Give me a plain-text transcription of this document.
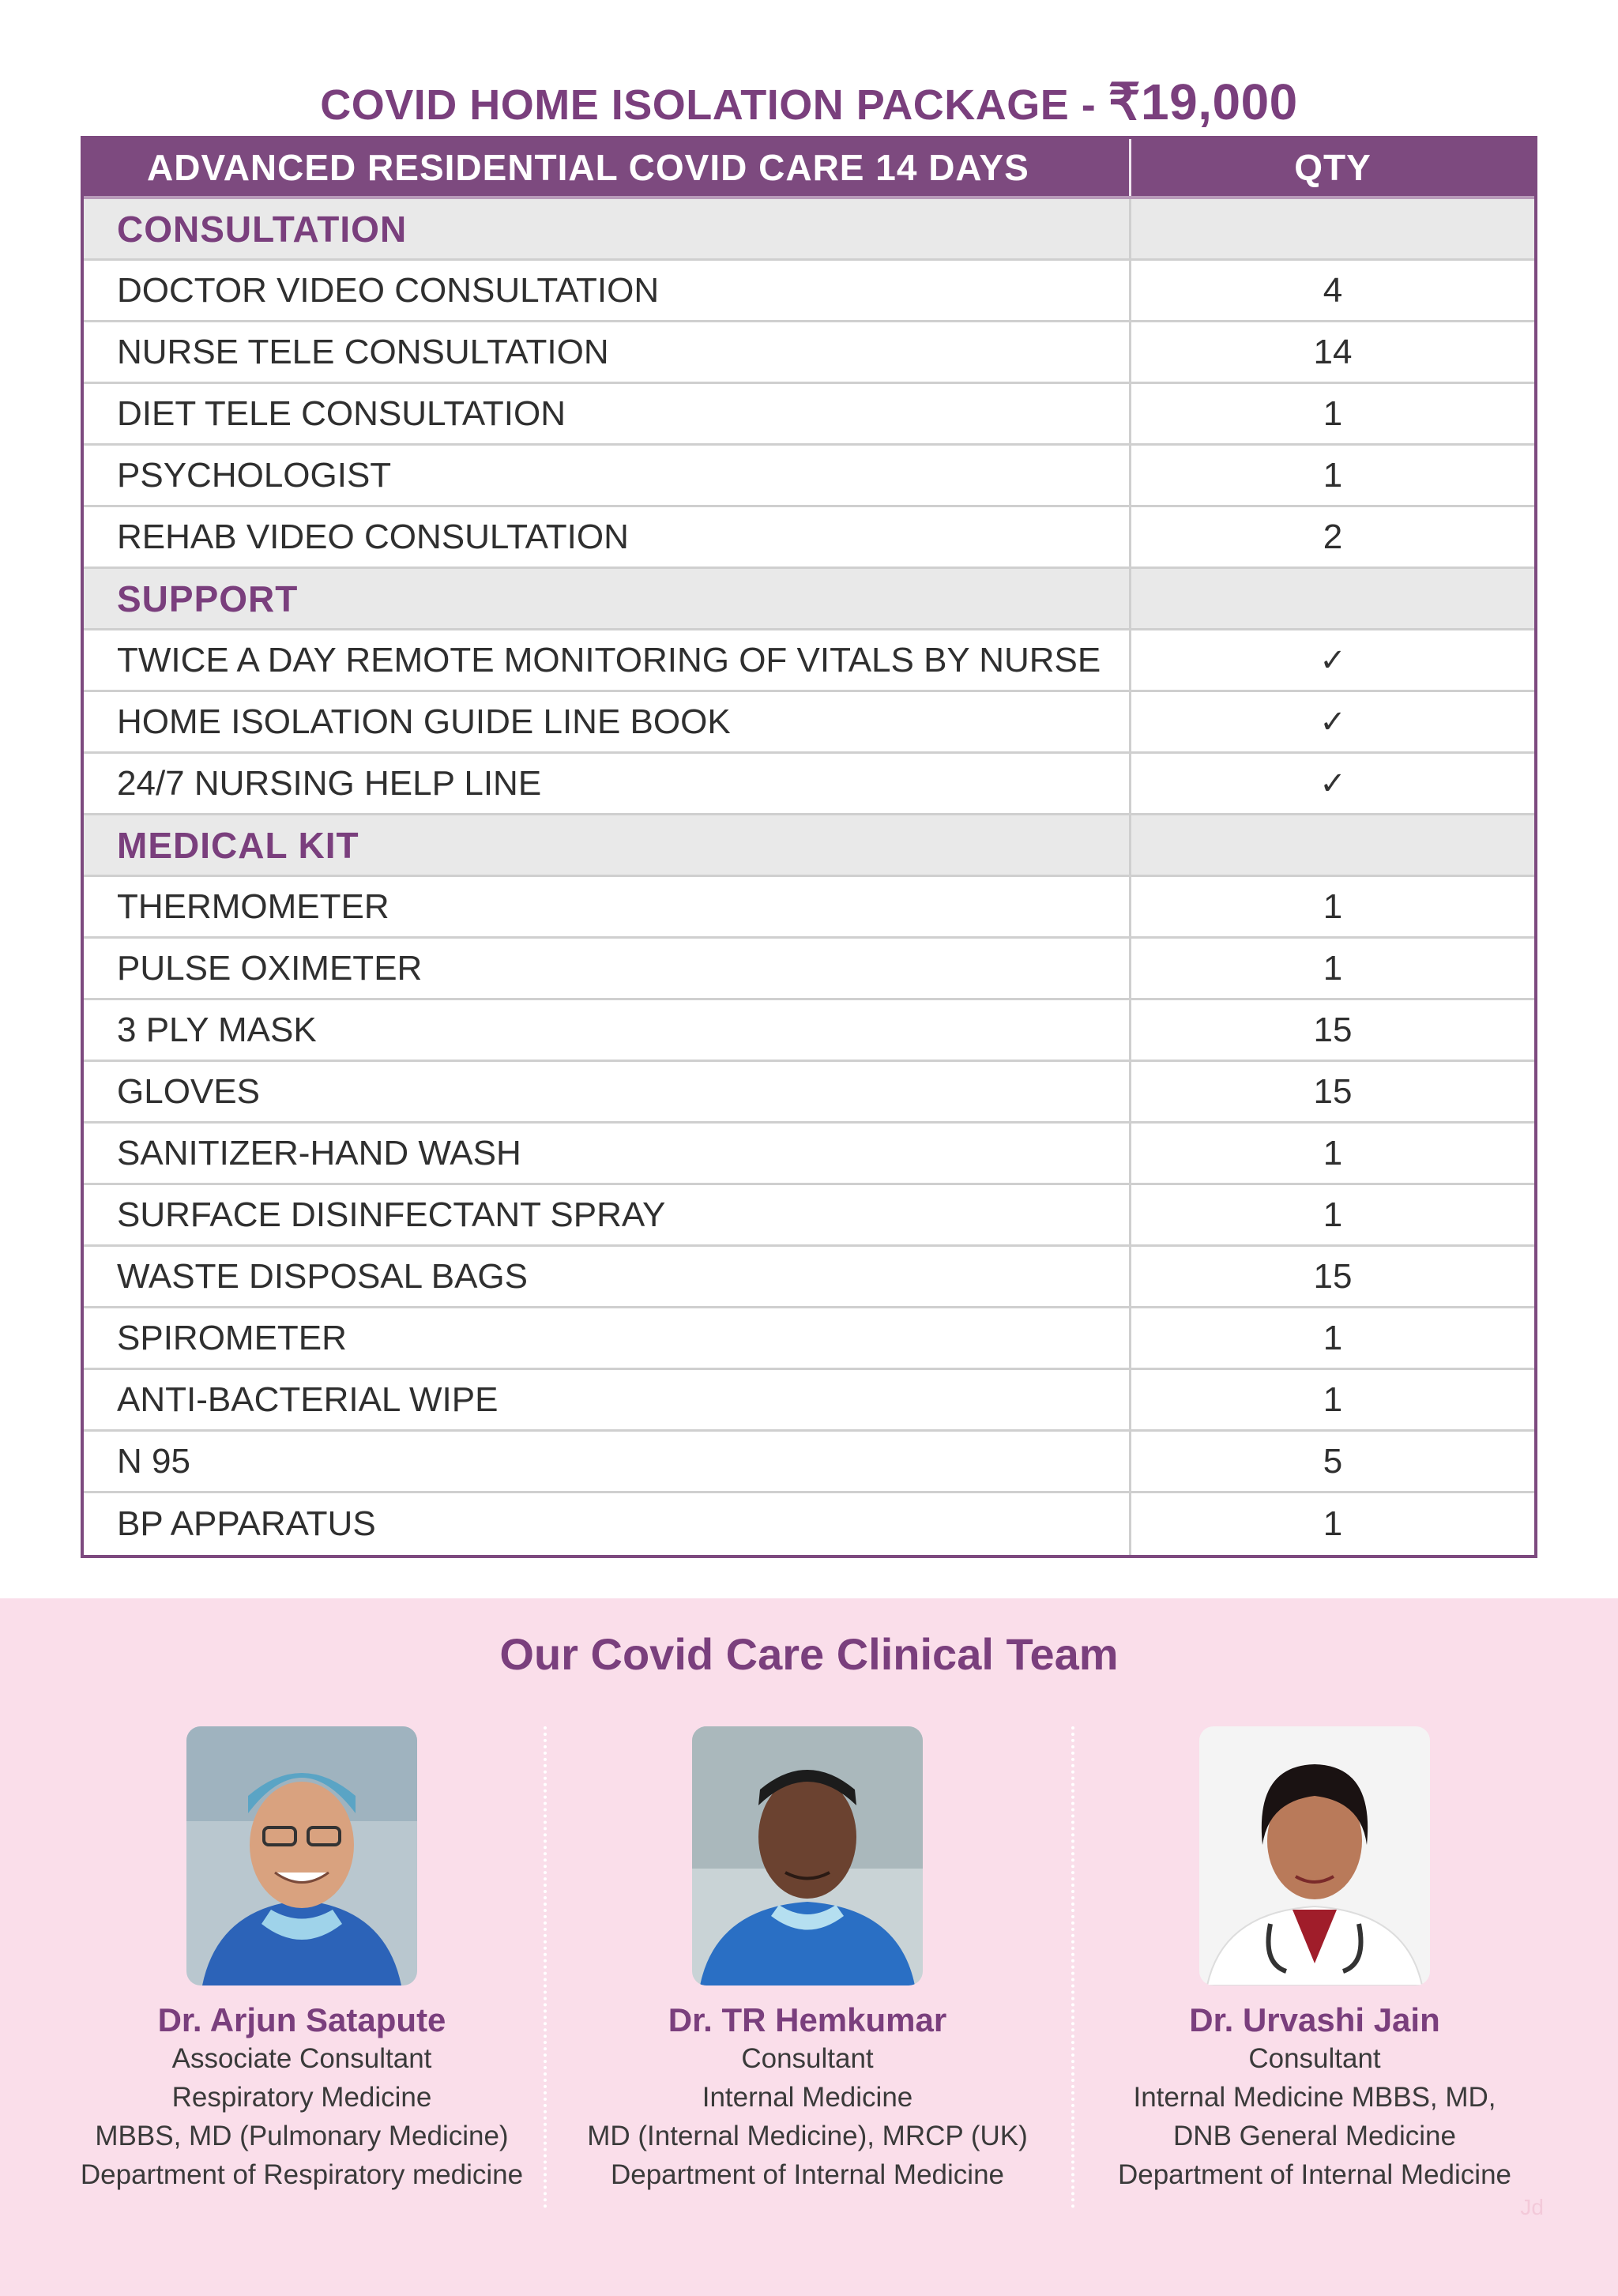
COVID HOME ISOLATION PACKAGE - ₹19,000
ADVANCED RESIDENTIAL COVID CARE 14 DAYS	QTY
CONSULTATION
DOCTOR VIDEO CONSULTATION	4
NURSE TELE CONSULTATION	14
DIET TELE CONSULTATION	1
PSYCHOLOGIST	1
REHAB VIDEO CONSULTATION	2
SUPPORT
TWICE A DAY REMOTE MONITORING OF VITALS BY NURSE	✓
HOME ISOLATION GUIDE LINE BOOK	✓
24/7 NURSING HELP LINE	✓
MEDICAL KIT
THERMOMETER	1
PULSE OXIMETER	1
3 PLY MASK	15
GLOVES	15
SANITIZER-HAND WASH	1
SURFACE DISINFECTANT SPRAY	1
WASTE DISPOSAL BAGS	15
SPIROMETER	1
ANTI-BACTERIAL WIPE	1
N 95	5
BP APPARATUS	1
Our Covid Care Clinical Team
Dr. Arjun Satapute
Associate Consultant
Respiratory Medicine
MBBS, MD (Pulmonary Medicine)
Department of Respiratory medicine
Dr. TR Hemkumar
Consultant
Internal Medicine
MD (Internal Medicine), MRCP (UK)
Department of Internal Medicine
Dr. Urvashi Jain
Consultant
Internal Medicine MBBS, MD,
DNB General Medicine
Department of Internal Medicine
Jd
